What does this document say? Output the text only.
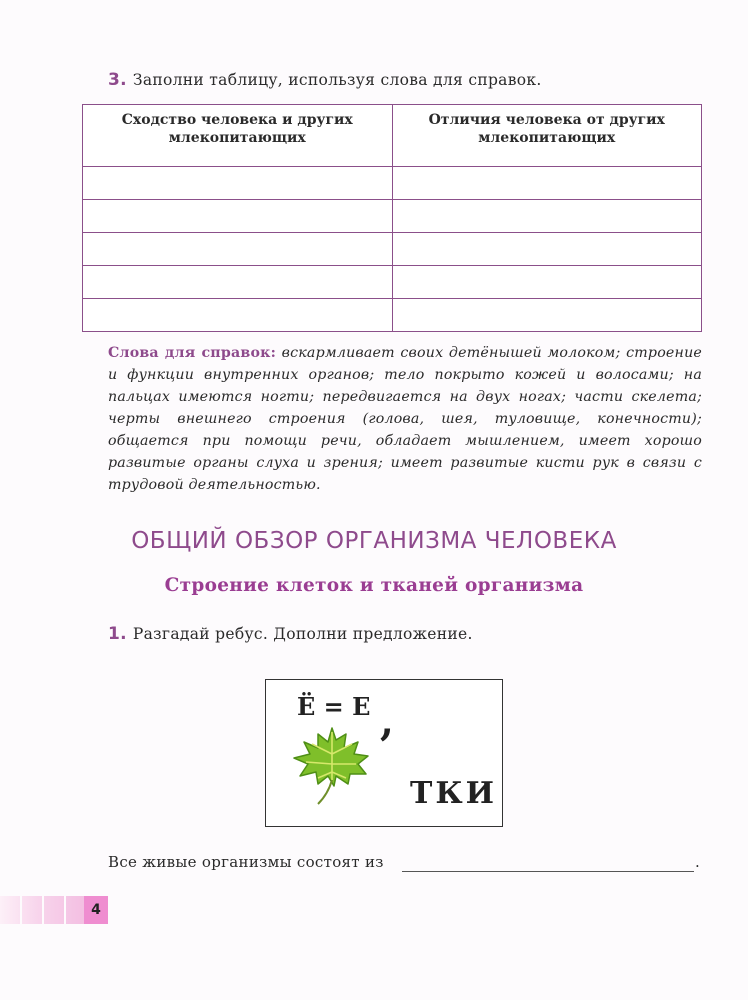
3. Заполни таблицу, используя слова для справок.
Сходство человека и других млекопитающих	Отличия человека от других млекопитающих

Слова для справок: вскармливает своих детёнышей молоком; строение и функции внутренних органов; тело покрыто кожей и волосами; на пальцах имеются ногти; передвигается на двух ногах; части скелета; черты внешнего строения (голова, шея, туловище, конечности); общается при помощи речи, обладает мышлением, имеет хорошо развитые органы слуха и зрения; имеет развитые кисти рук в связи с трудовой деятельностью.
ОБЩИЙ ОБЗОР ОРГАНИЗМА ЧЕЛОВЕКА
Строение клеток и тканей организма
1. Разгадай ребус. Дополни предложение.
Ё = Е ,
ТКИ
Все живые организмы состоят из	.
4
